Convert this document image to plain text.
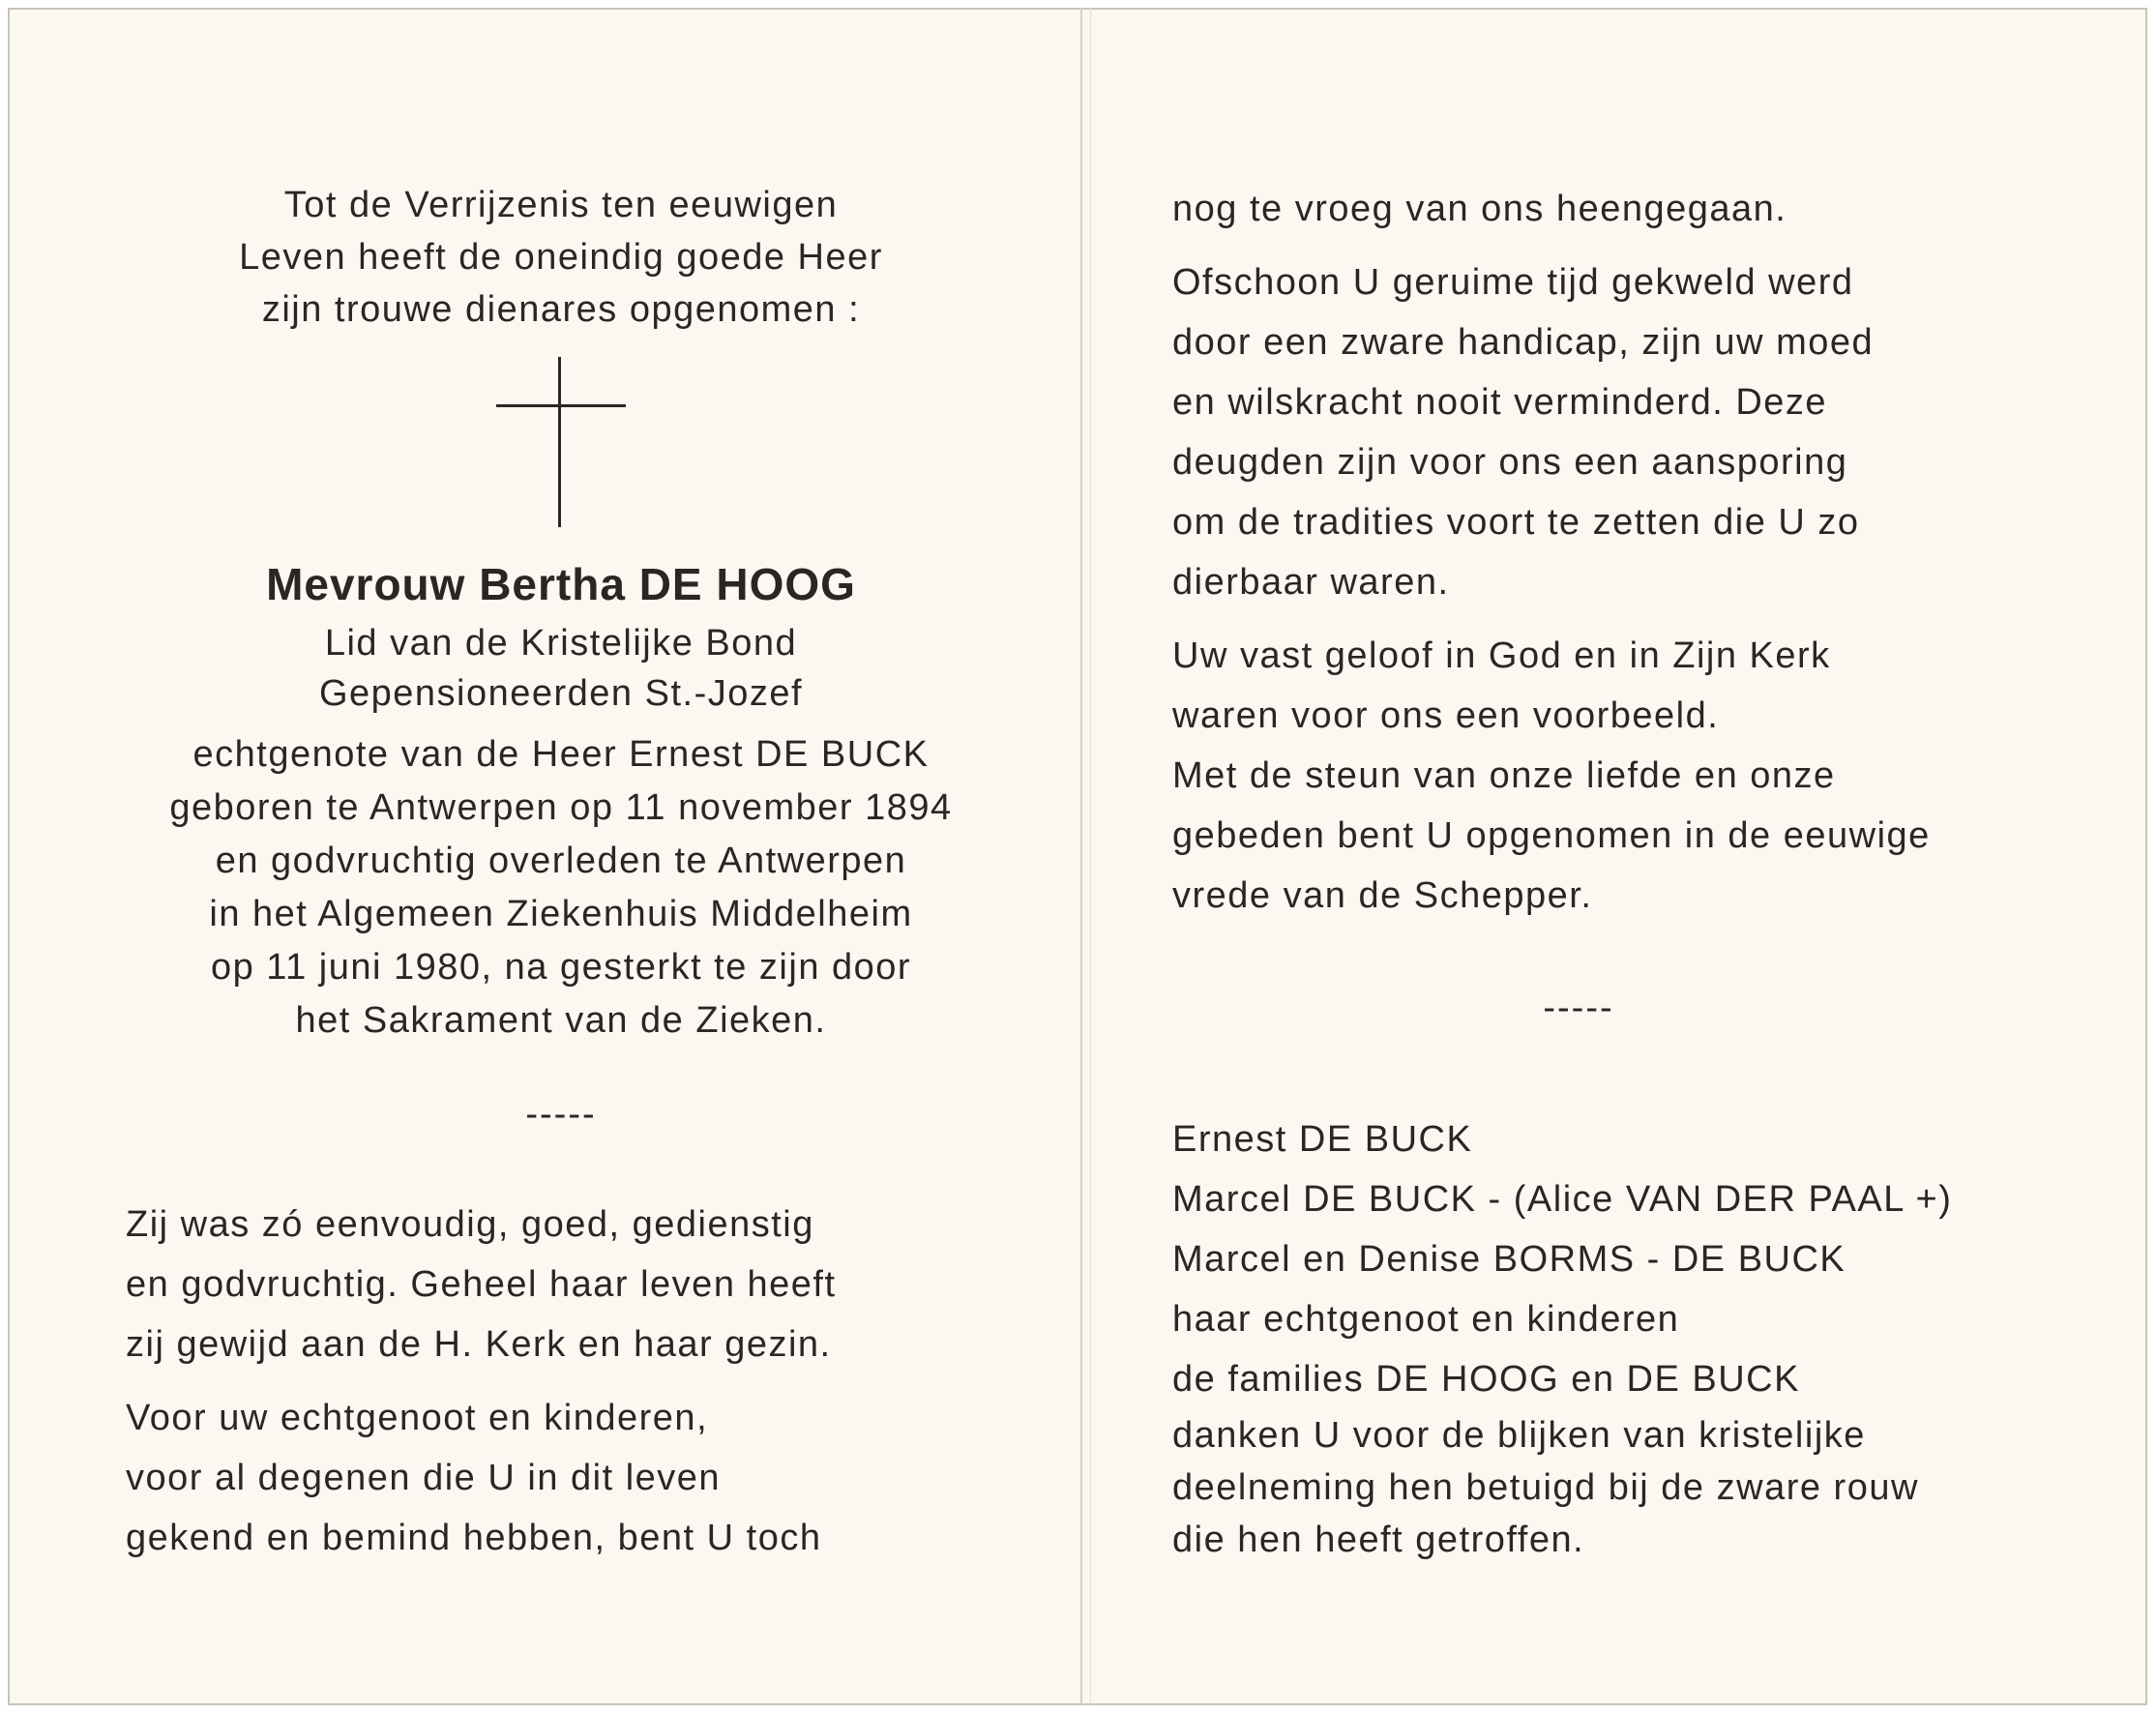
Tot de Verrijzenis ten eeuwigen
Leven heeft de oneindig goede Heer
zijn trouwe dienares opgenomen :
Mevrouw Bertha DE HOOG
Lid van de Kristelijke Bond
Gepensioneerden St.-Jozef
echtgenote van de Heer Ernest DE BUCK
geboren te Antwerpen op 11 november 1894
en godvruchtig overleden te Antwerpen
in het Algemeen Ziekenhuis Middelheim
op 11 juni 1980, na gesterkt te zijn door
het Sakrament van de Zieken.
-----
Zij was zó eenvoudig, goed, gedienstig
en godvruchtig. Geheel haar leven heeft
zij gewijd aan de H. Kerk en haar gezin.
Voor uw echtgenoot en kinderen,
voor al degenen die U in dit leven
gekend en bemind hebben, bent U toch
nog te vroeg van ons heengegaan.
Ofschoon U geruime tijd gekweld werd
door een zware handicap, zijn uw moed
en wilskracht nooit verminderd. Deze
deugden zijn voor ons een aansporing
om de tradities voort te zetten die U zo
dierbaar waren.
Uw vast geloof in God en in Zijn Kerk
waren voor ons een voorbeeld.
Met de steun van onze liefde en onze
gebeden bent U opgenomen in de eeuwige
vrede van de Schepper.
-----
Ernest DE BUCK
Marcel DE BUCK - (Alice VAN DER PAAL +)
Marcel en Denise BORMS - DE BUCK
haar echtgenoot en kinderen
de families DE HOOG en DE BUCK
danken U voor de blijken van kristelijke
deelneming hen betuigd bij de zware rouw
die hen heeft getroffen.
